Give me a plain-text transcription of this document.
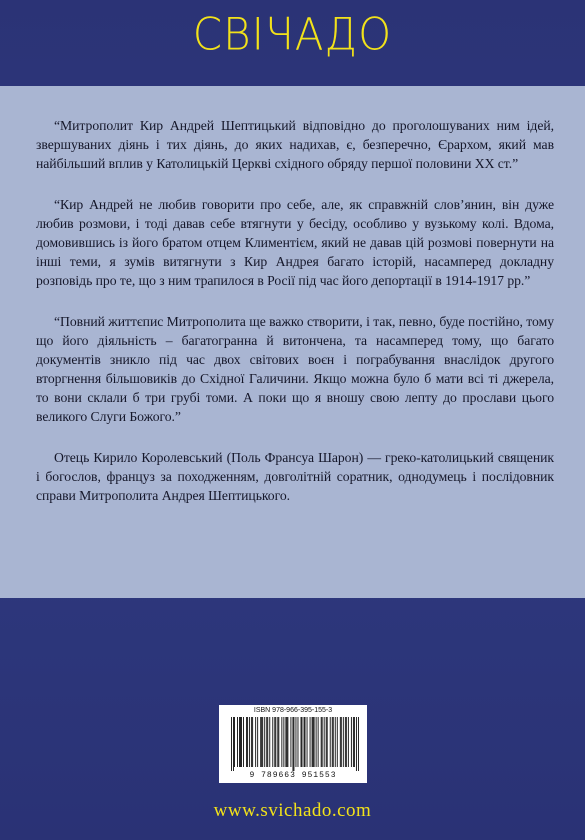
СВІЧАДО

“Митрополит Кир Андрей Шептицький відповідно до проголошуваних ним ідей, звершуваних діянь і тих діянь, до яких надихав, є, безперечно, Єрархом, який мав найбільший вплив у Католицькій Церкві східного обряду першої половини XX ст.”

“Кир Андрей не любив говорити про себе, але, як справжній слов’янин, він дуже любив розмови, і тоді давав себе втягнути у бесіду, особливо у вузькому колі. Вдома, домовившись із його братом отцем Климентієм, який не давав цій розмові повернути на інші теми, я зумів витягнути з Кир Андрея багато історій, насамперед докладну розповідь про те, що з ним трапилося в Росії під час його депортації в 1914-1917 рр.”

“Повний життєпис Митрополита ще важко створити, і так, певно, буде постійно, тому що його діяльність – багатогранна й витончена, та насамперед тому, що багато документів зникло під час двох світових воєн і пограбування внаслідок другого вторгнення більшовиків до Східної Галичини. Якщо можна було б мати всі ті джерела, то вони склали б три грубі томи. А поки що я вношу свою лепту до прослави цього великого Слуги Божого.”

Отець Кирило Королевський (Поль Франсуа Шарон) — греко-католицький священик і богослов, француз за походженням, довголітній соратник, однодумець і послідовник справи Митрополита Андрея Шептицького.

ISBN 978-966-395-155-3
9 789663 951553
www.svichado.com
